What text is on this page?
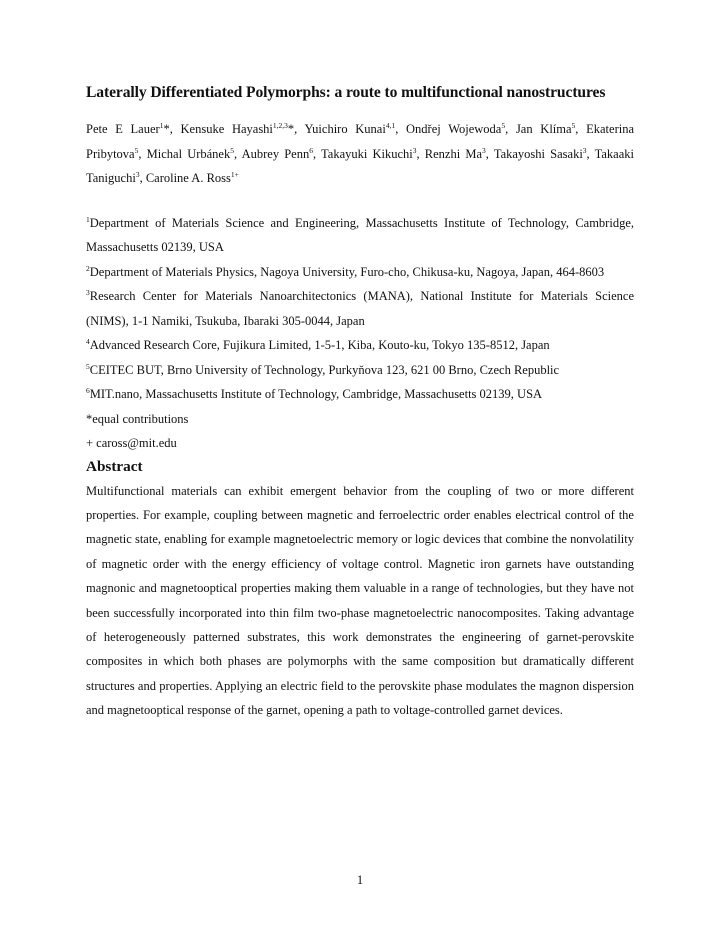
Laterally Differentiated Polymorphs: a route to multifunctional nanostructures

Pete E Lauer$^1$*, Kensuke Hayashi$^{1,2,3}$*, Yuichiro Kunai$^{4,1}$, Ondřej Wojewoda$^5$, Jan Klíma$^5$, Ekaterina Pribytova$^5$, Michal Urbánek$^5$, Aubrey Penn$^6$, Takayuki Kikuchi$^3$, Renzhi Ma$^3$, Takayoshi Sasaki$^3$, Takaaki Taniguchi$^3$, Caroline A. Ross$^{1+}$

$^1$Department of Materials Science and Engineering, Massachusetts Institute of Technology, Cambridge, Massachusetts 02139, USA

$^2$Department of Materials Physics, Nagoya University, Furo-cho, Chikusa-ku, Nagoya, Japan, 464-8603

$^3$Research Center for Materials Nanoarchitectonics (MANA), National Institute for Materials Science (NIMS), 1-1 Namiki, Tsukuba, Ibaraki 305-0044, Japan

$^4$Advanced Research Core, Fujikura Limited, 1-5-1, Kiba, Kouto-ku, Tokyo 135-8512, Japan

$^5$CEITEC BUT, Brno University of Technology, Purkyňova 123, 621 00 Brno, Czech Republic

$^6$MIT.nano, Massachusetts Institute of Technology, Cambridge, Massachusetts 02139, USA

*equal contributions

+ caross@mit.edu

Abstract

Multifunctional materials can exhibit emergent behavior from the coupling of two or more different properties. For example, coupling between magnetic and ferroelectric order enables electrical control of the magnetic state, enabling for example magnetoelectric memory or logic devices that combine the nonvolatility of magnetic order with the energy efficiency of voltage control. Magnetic iron garnets have outstanding magnonic and magnetooptical properties making them valuable in a range of technologies, but they have not been successfully incorporated into thin film two-phase magnetoelectric nanocomposites. Taking advantage of heterogeneously patterned substrates, this work demonstrates the engineering of garnet-perovskite composites in which both phases are polymorphs with the same composition but dramatically different structures and properties. Applying an electric field to the perovskite phase modulates the magnon dispersion and magnetooptical response of the garnet, opening a path to voltage-controlled garnet devices.

1
